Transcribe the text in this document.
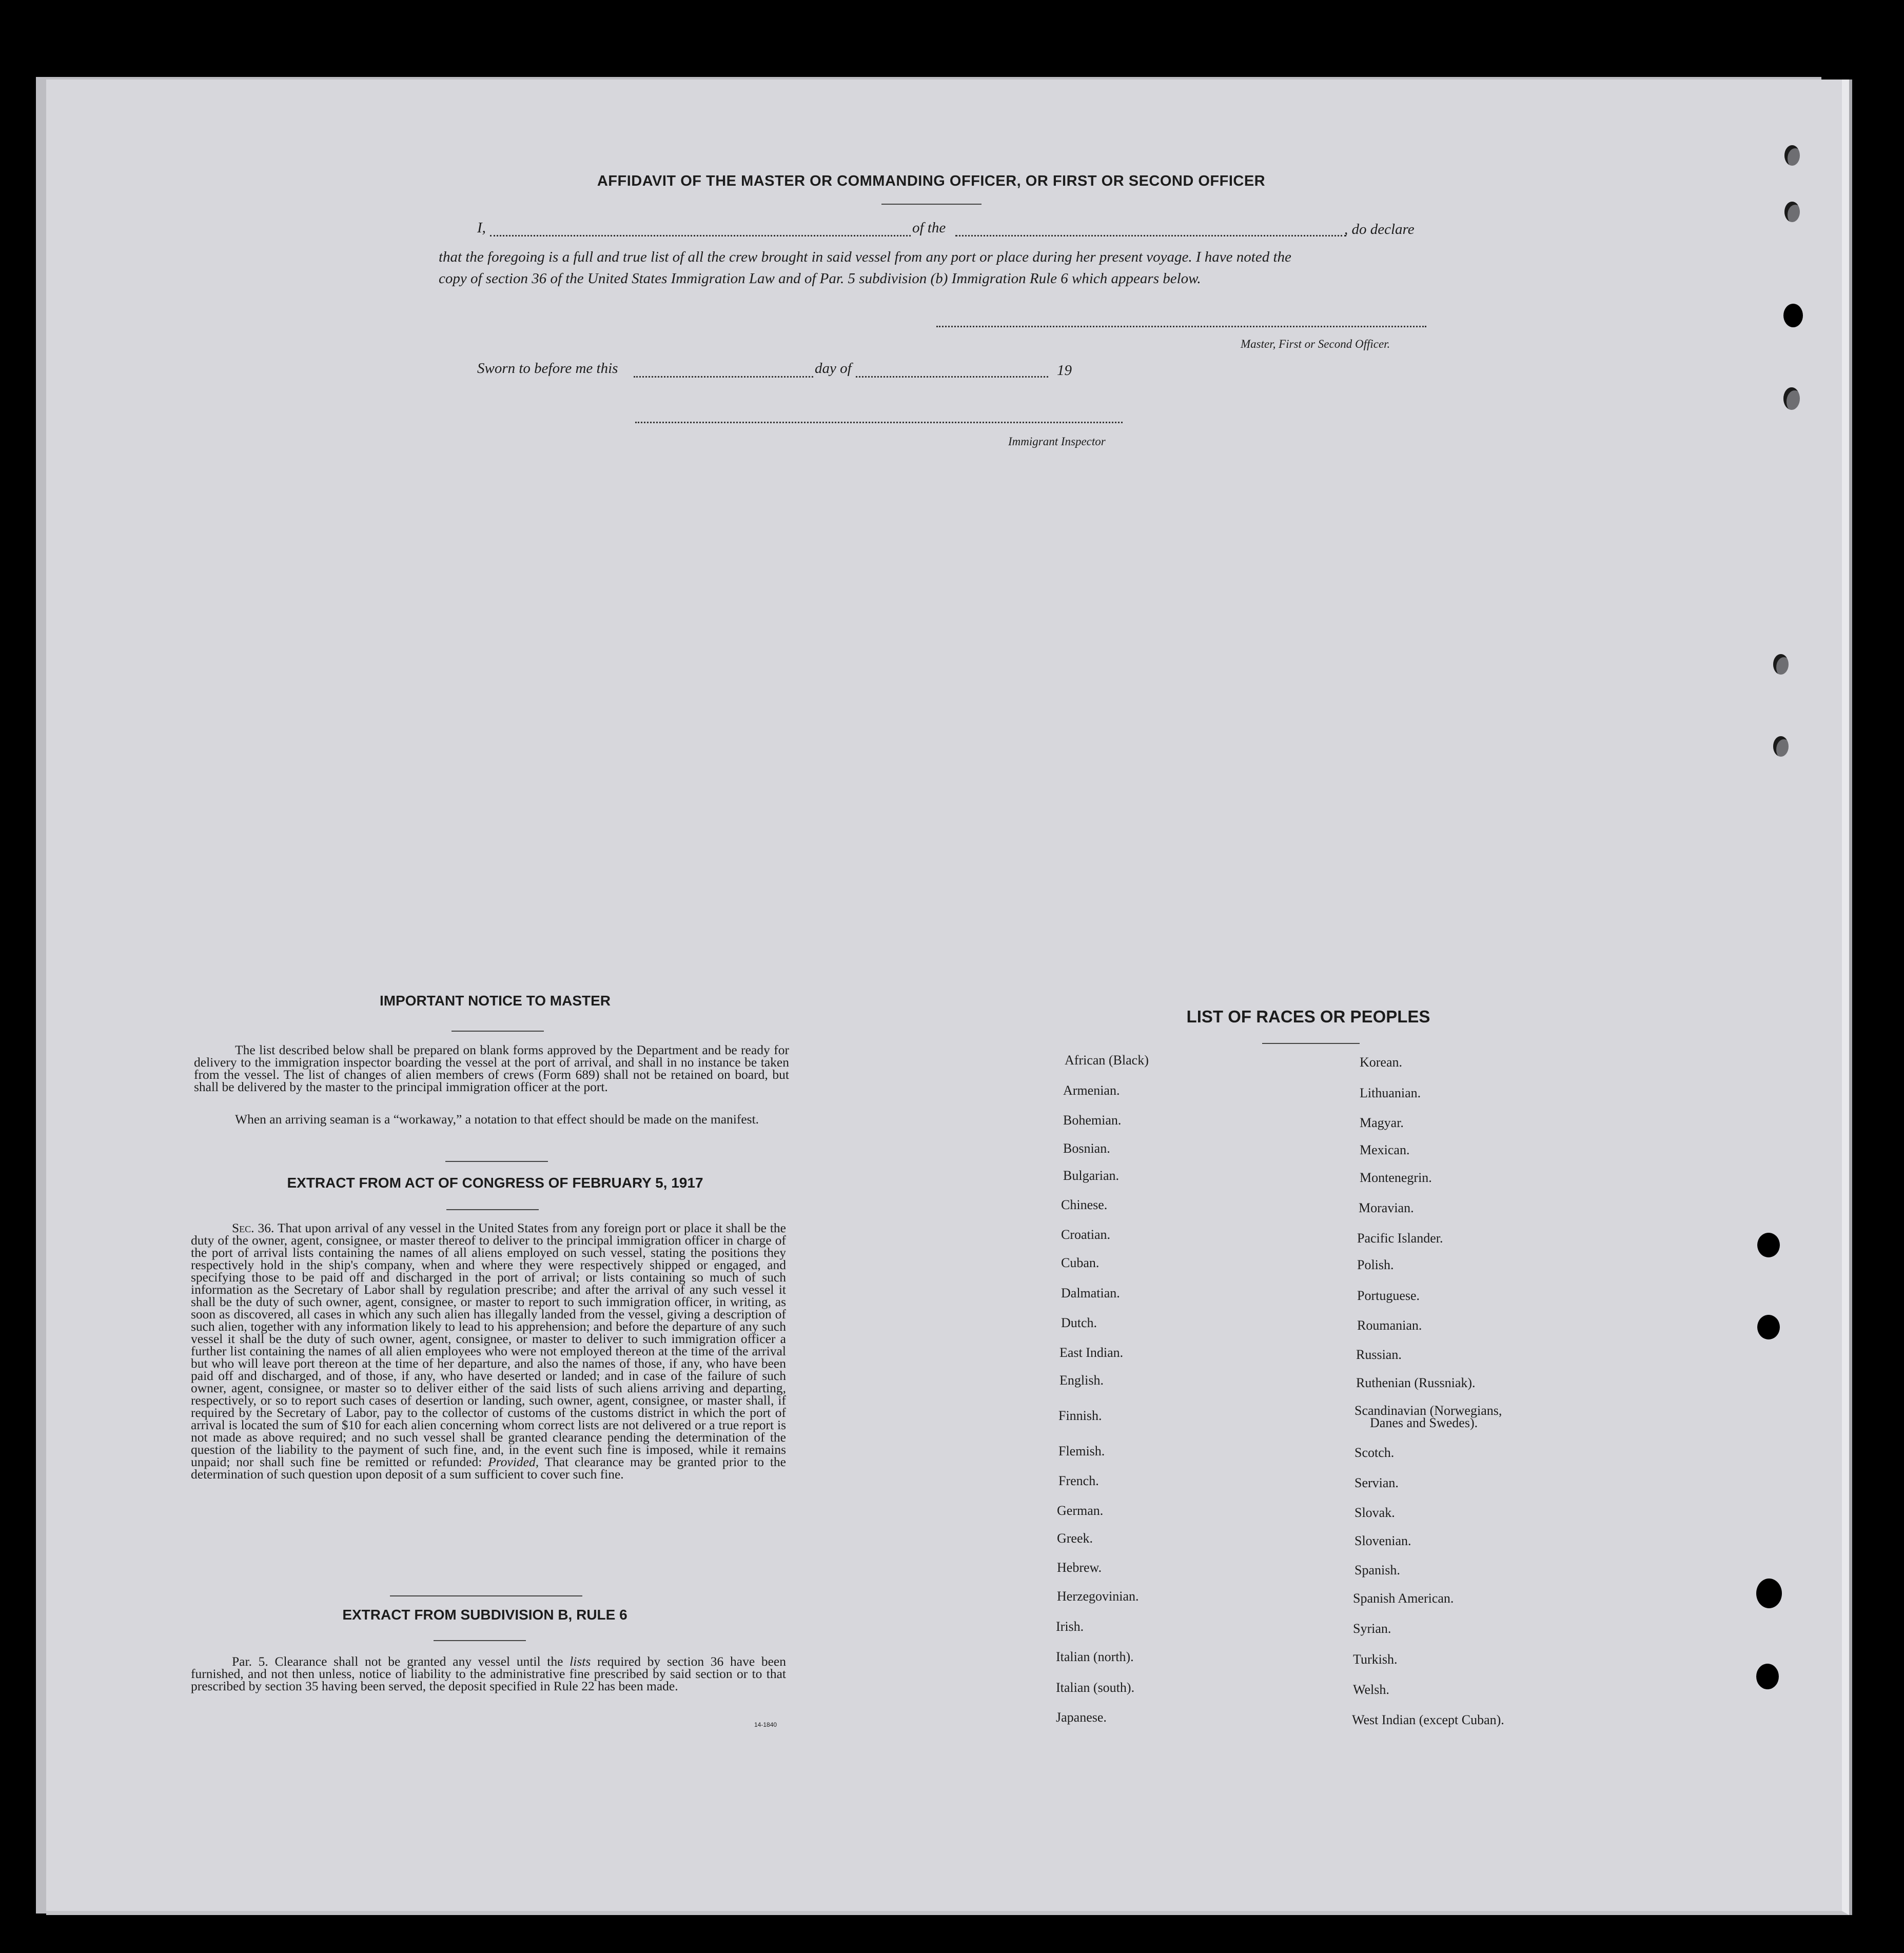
AFFIDAVIT OF THE MASTER OR COMMANDING OFFICER, OR FIRST OR SECOND OFFICER
I,	of the	, do declare
that the foregoing is a full and true list of all the crew brought in said vessel from any port or place during her present voyage. I have noted the
copy of section 36 of the United States Immigration Law and of Par. 5 subdivision (b) Immigration Rule 6 which appears below.
Master, First or Second Officer.
Sworn to before me this	day of	19
Immigrant Inspector
IMPORTANT NOTICE TO MASTER

The list described below shall be prepared on blank forms approved by the Department and be ready for delivery to the immigration inspector boarding the vessel at the port of arrival, and shall in no instance be taken from the vessel. The list of changes of alien members of crews (Form 689) shall not be retained on board, but shall be delivered by the master to the principal immigration officer at the port.

When an arriving seaman is a “workaway,” a notation to that effect should be made on the manifest.

EXTRACT FROM ACT OF CONGRESS OF FEBRUARY 5, 1917

Sec. 36. That upon arrival of any vessel in the United States from any foreign port or place it shall be the duty of the owner, agent, consignee, or master thereof to deliver to the principal immigration officer in charge of the port of arrival lists containing the names of all aliens employed on such vessel, stating the positions they respectively hold in the ship's company, when and where they were respectively shipped or engaged, and specifying those to be paid off and discharged in the port of arrival; or lists containing so much of such information as the Secretary of Labor shall by regulation prescribe; and after the arrival of any such vessel it shall be the duty of such owner, agent, consignee, or master to report to such immigration officer, in writing, as soon as discovered, all cases in which any such alien has illegally landed from the vessel, giving a description of such alien, together with any information likely to lead to his apprehension; and before the departure of any such vessel it shall be the duty of such owner, agent, consignee, or master to deliver to such immigration officer a further list containing the names of all alien employees who were not employed thereon at the time of the arrival but who will leave port thereon at the time of her departure, and also the names of those, if any, who have been paid off and discharged, and of those, if any, who have deserted or landed; and in case of the failure of such owner, agent, consignee, or master so to deliver either of the said lists of such aliens arriving and departing, respectively, or so to report such cases of desertion or landing, such owner, agent, consignee, or master shall, if required by the Secretary of Labor, pay to the collector of customs of the customs district in which the port of arrival is located the sum of $10 for each alien concerning whom correct lists are not delivered or a true report is not made as above required; and no such vessel shall be granted clearance pending the determination of the question of the liability to the payment of such fine, and, in the event such fine is imposed, while it remains unpaid; nor shall such fine be remitted or refunded: Provided, That clearance may be granted prior to the determination of such question upon deposit of a sum sufficient to cover such fine.

EXTRACT FROM SUBDIVISION B, RULE 6

Par. 5. Clearance shall not be granted any vessel until the lists required by section 36 have been furnished, and not then unless, notice of liability to the administrative fine prescribed by said section or to that prescribed by section 35 having been served, the deposit specified in Rule 22 has been made.

14-1840
LIST OF RACES OR PEOPLES
African (Black)
Armenian.
Bohemian.
Bosnian.
Bulgarian.
Chinese.
Croatian.
Cuban.
Dalmatian.
Dutch.
East Indian.
English.
Finnish.
Flemish.
French.
German.
Greek.
Hebrew.
Herzegovinian.
Irish.
Italian (north).
Italian (south).
Japanese.
Korean.
Lithuanian.
Magyar.
Mexican.
Montenegrin.
Moravian.
Pacific Islander.
Polish.
Portuguese.
Roumanian.
Russian.
Ruthenian (Russniak).
Scandinavian (Norwegians,
Danes and Swedes).
Scotch.
Servian.
Slovak.
Slovenian.
Spanish.
Spanish American.
Syrian.
Turkish.
Welsh.
West Indian (except Cuban).
